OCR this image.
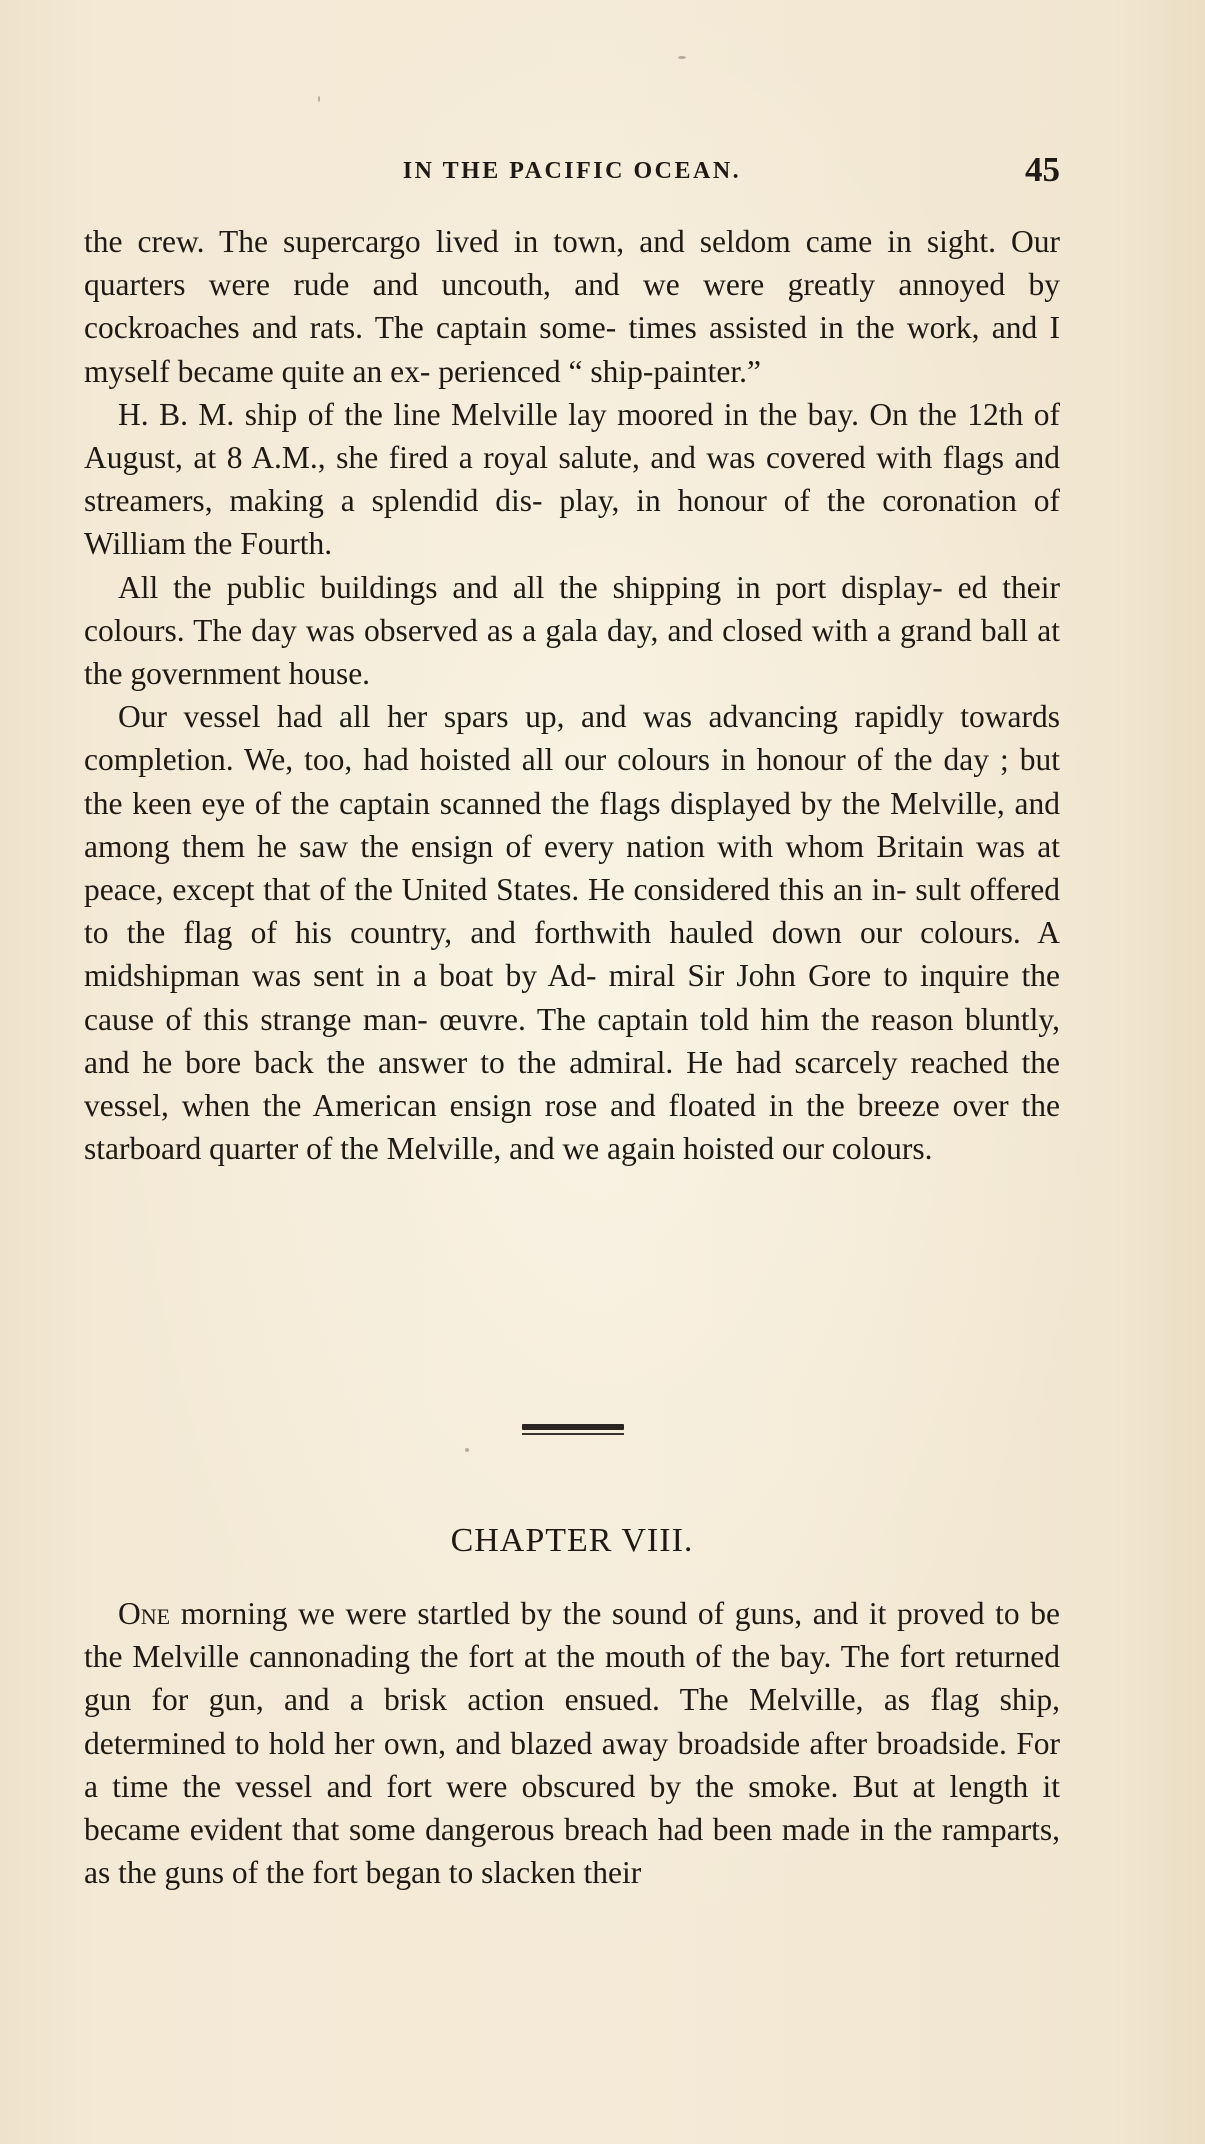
IN THE PACIFIC OCEAN.	45

the crew. The supercargo lived in town, and seldom came in sight. Our quarters were rude and uncouth, and we were greatly annoyed by cockroaches and rats. The captain some- times assisted in the work, and I myself became quite an ex- perienced “ ship-painter.”

H. B. M. ship of the line Melville lay moored in the bay. On the 12th of August, at 8 A.M., she fired a royal salute, and was covered with flags and streamers, making a splendid dis- play, in honour of the coronation of William the Fourth.

All the public buildings and all the shipping in port display- ed their colours. The day was observed as a gala day, and closed with a grand ball at the government house.

Our vessel had all her spars up, and was advancing rapidly towards completion. We, too, had hoisted all our colours in honour of the day ; but the keen eye of the captain scanned the flags displayed by the Melville, and among them he saw the ensign of every nation with whom Britain was at peace, except that of the United States. He considered this an in- sult offered to the flag of his country, and forthwith hauled down our colours. A midshipman was sent in a boat by Ad- miral Sir John Gore to inquire the cause of this strange man- œuvre. The captain told him the reason bluntly, and he bore back the answer to the admiral. He had scarcely reached the vessel, when the American ensign rose and floated in the breeze over the starboard quarter of the Melville, and we again hoisted our colours.

CHAPTER VIII.

One morning we were startled by the sound of guns, and it proved to be the Melville cannonading the fort at the mouth of the bay. The fort returned gun for gun, and a brisk action ensued. The Melville, as flag ship, determined to hold her own, and blazed away broadside after broadside. For a time the vessel and fort were obscured by the smoke. But at length it became evident that some dangerous breach had been made in the ramparts, as the guns of the fort began to slacken their
